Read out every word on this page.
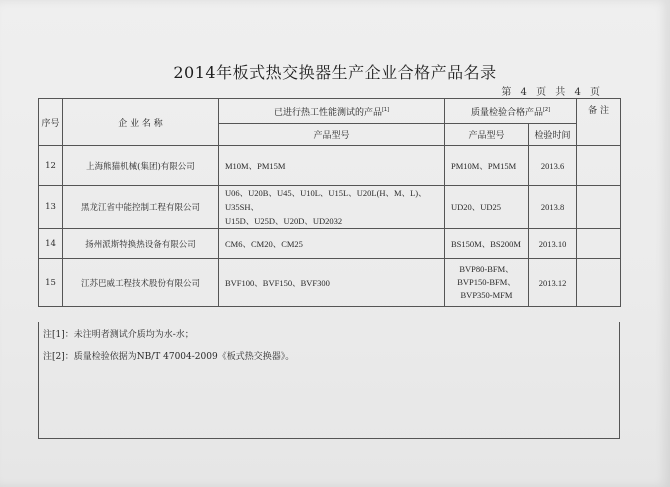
2014年板式热交换器生产企业合格产品名录
第 4 页 共 4 页
序号	企 业 名 称	已进行热工性能测试的产品[1]	质量检验合格产品[2]		备 注
		产品型号	产品型号	检验时间	
12	上海熊猫机械(集团)有限公司	M10M、PM15M	PM10M、PM15M	2013.6	
13	黑龙江省中能控制工程有限公司	U06、U20B、U45、U10L、U15L、U20L(H、M、L)、U35SH、
U15D、U25D、U20D、UD2032	UD20、UD25	2013.8	
14	扬州派斯特换热设备有限公司	CM6、CM20、CM25	BS150M、BS200M	2013.10	
15	江苏巴威工程技术股份有限公司	BVF100、BVF150、BVF300	BVP80-BFM、
BVP150-BFM、
BVP350-MFM	2013.12	
注[1]：未注明者测试介质均为水-水；
注[2]：质量检验依据为NB/T 47004-2009《板式热交换器》。
